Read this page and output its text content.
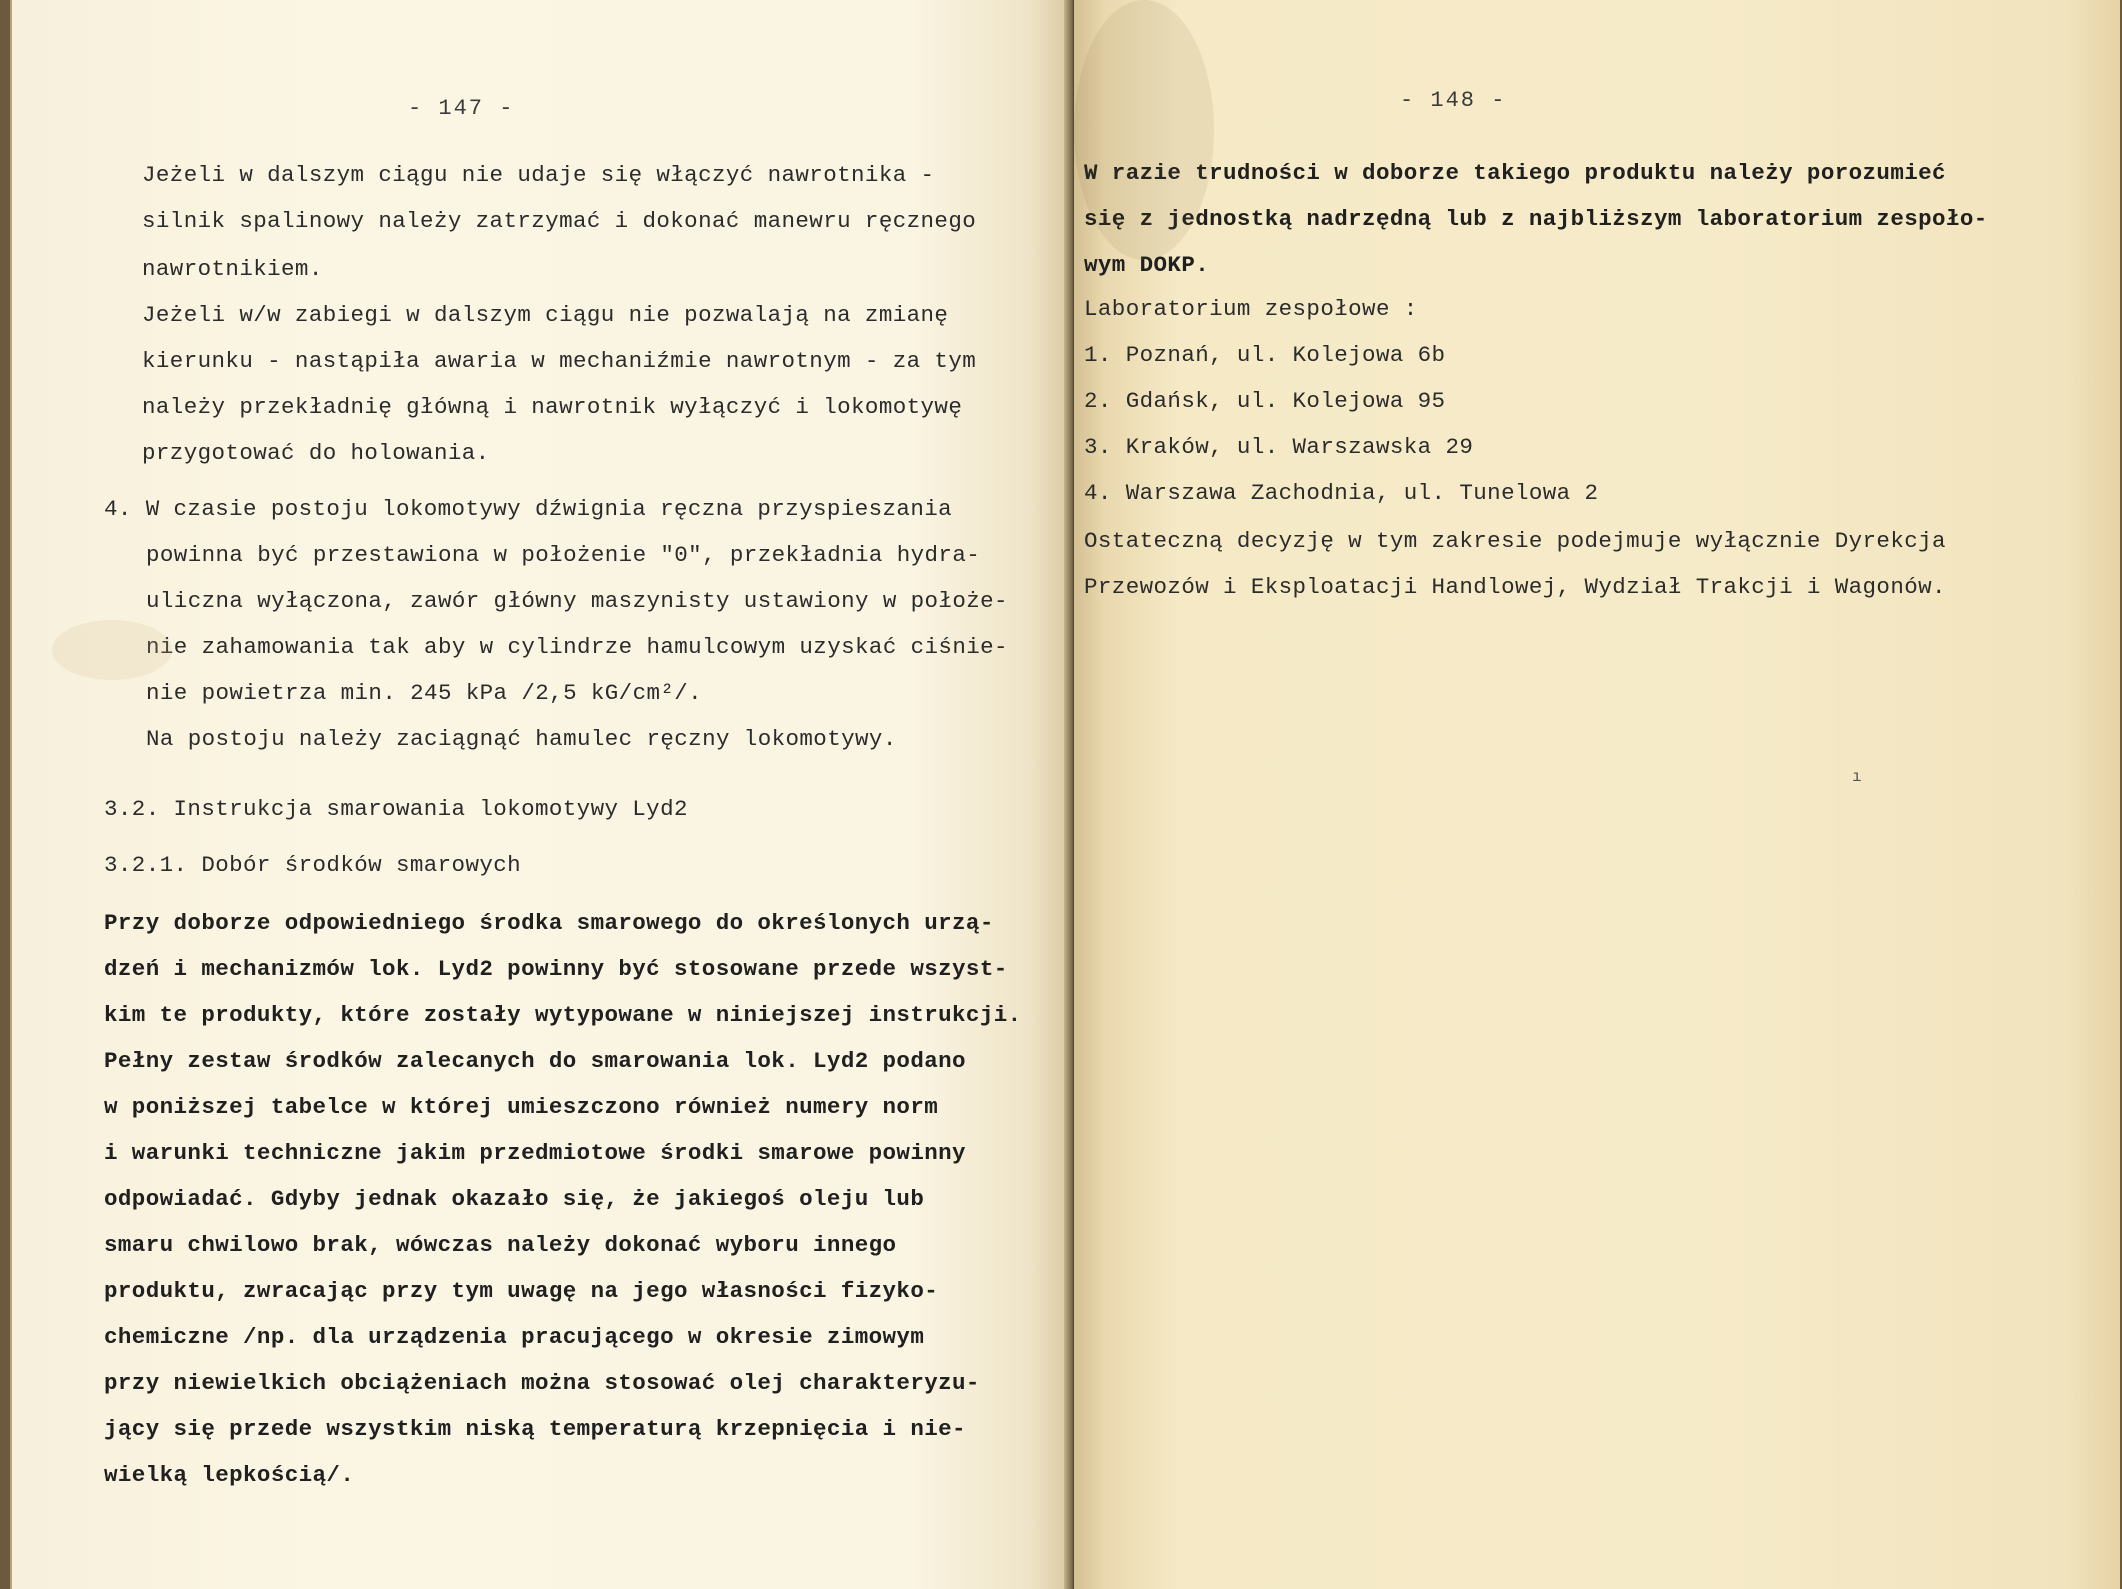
- 147 -
Jeżeli w dalszym ciągu nie udaje się włączyć nawrotnika -
silnik spalinowy należy zatrzymać i dokonać manewru ręcznego
nawrotnikiem.
Jeżeli w/w zabiegi w dalszym ciągu nie pozwalają na zmianę
kierunku - nastąpiła awaria w mechaniźmie nawrotnym - za tym
należy przekładnię główną i nawrotnik wyłączyć i lokomotywę
przygotować do holowania.
4. W czasie postoju lokomotywy dźwignia ręczna przyspieszania
powinna być przestawiona w położenie "0", przekładnia hydra-
uliczna wyłączona, zawór główny maszynisty ustawiony w położe-
nie zahamowania tak aby w cylindrze hamulcowym uzyskać ciśnie-
nie powietrza min. 245 kPa /2,5 kG/cm²/.
Na postoju należy zaciągnąć hamulec ręczny lokomotywy.
3.2. Instrukcja smarowania lokomotywy Lyd2
3.2.1. Dobór środków smarowych
Przy doborze odpowiedniego środka smarowego do określonych urzą-
dzeń i mechanizmów lok. Lyd2 powinny być stosowane przede wszyst-
kim te produkty, które zostały wytypowane w niniejszej instrukcji.
Pełny zestaw środków zalecanych do smarowania lok. Lyd2 podano
w poniższej tabelce w której umieszczono również numery norm
i warunki techniczne jakim przedmiotowe środki smarowe powinny
odpowiadać. Gdyby jednak okazało się, że jakiegoś oleju lub
smaru chwilowo brak, wówczas należy dokonać wyboru innego
produktu, zwracając przy tym uwagę na jego własności fizyko-
chemiczne /np. dla urządzenia pracującego w okresie zimowym
przy niewielkich obciążeniach można stosować olej charakteryzu-
jący się przede wszystkim niską temperaturą krzepnięcia i nie-
wielką lepkością/.
- 148 -
W razie trudności w doborze takiego produktu należy porozumieć
się z jednostką nadrzędną lub z najbliższym laboratorium zespoło-
wym DOKP.
Laboratorium zespołowe :
1. Poznań, ul. Kolejowa 6b
2. Gdańsk, ul. Kolejowa 95
3. Kraków, ul. Warszawska 29
4. Warszawa Zachodnia, ul. Tunelowa 2
Ostateczną decyzję w tym zakresie podejmuje wyłącznie Dyrekcja
Przewozów i Eksploatacji Handlowej, Wydział Trakcji i Wagonów.
ı
